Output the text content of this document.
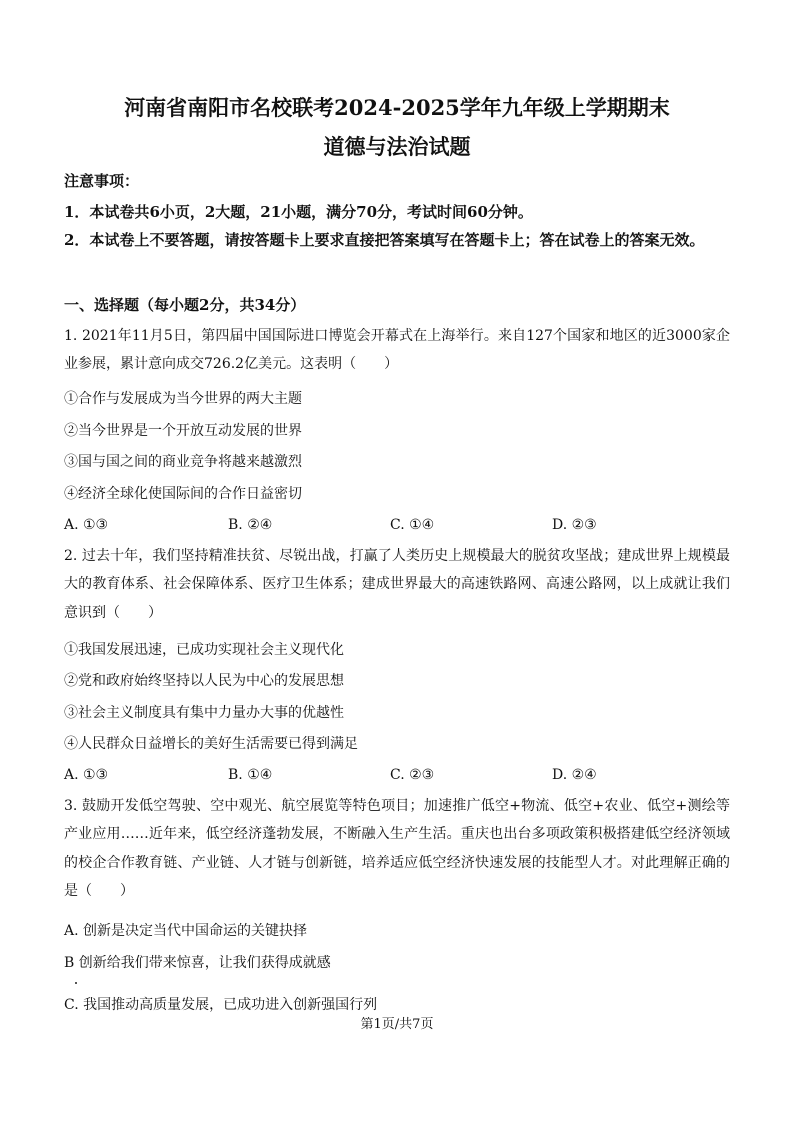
河南省南阳市名校联考2024-2025学年九年级上学期期末
道德与法治试题
注意事项：
1．本试卷共6小页，2大题，21小题，满分70分，考试时间60分钟。
2．本试卷上不要答题，请按答题卡上要求直接把答案填写在答题卡上；答在试卷上的答案无效。
一、选择题（每小题2分，共34分）
1. 2021年11月5日，第四届中国国际进口博览会开幕式在上海举行。来自127个国家和地区的近3000家企业参展，累计意向成交726.2亿美元。这表明（　　）
①合作与发展成为当今世界的两大主题
②当今世界是一个开放互动发展的世界
③国与国之间的商业竞争将越来越激烈
④经济全球化使国际间的合作日益密切
A. ①③	B. ②④	C. ①④	D. ②③
2. 过去十年，我们坚持精准扶贫、尽锐出战，打赢了人类历史上规模最大的脱贫攻坚战；建成世界上规模最大的教育体系、社会保障体系、医疗卫生体系；建成世界最大的高速铁路网、高速公路网，以上成就让我们意识到（　　）
①我国发展迅速，已成功实现社会主义现代化
②党和政府始终坚持以人民为中心的发展思想
③社会主义制度具有集中力量办大事的优越性
④人民群众日益增长的美好生活需要已得到满足
A. ①③	B. ①④	C. ②③	D. ②④
3. 鼓励开发低空驾驶、空中观光、航空展览等特色项目；加速推广低空+物流、低空+农业、低空+测绘等产业应用……近年来，低空经济蓬勃发展，不断融入生产生活。重庆也出台多项政策积极搭建低空经济领域的校企合作教育链、产业链、人才链与创新链，培养适应低空经济快速发展的技能型人才。对此理解正确的是（　　）
A. 创新是决定当代中国命运的关键抉择
B 创新给我们带来惊喜，让我们获得成就感
C. 我国推动高质量发展，已成功进入创新强国行列
第1页/共7页
